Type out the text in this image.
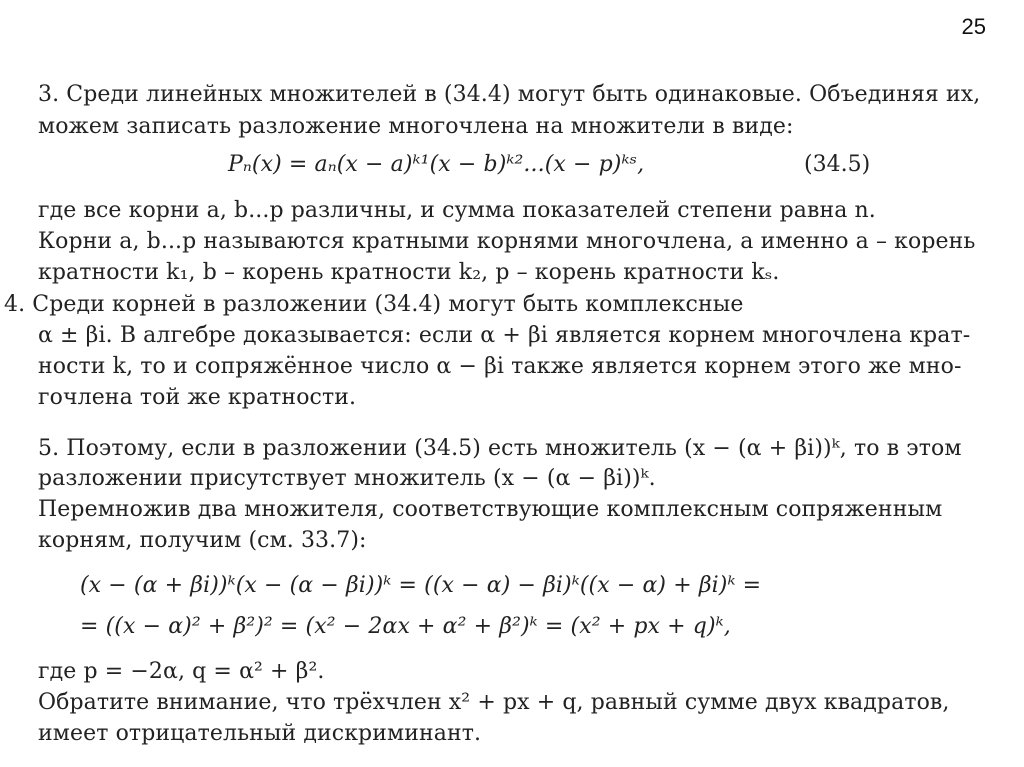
25
3. Среди линейных множителей в (34.4) могут быть одинаковые. Объединяя их,
можем записать разложение многочлена на множители в виде:
Pₙ(x) = aₙ(x − a)ᵏ¹(x − b)ᵏ²...(x − p)ᵏˢ,	(34.5)
где все корни a, b...p различны, и сумма показателей степени равна n.
Корни a, b...p называются кратными корнями многочлена, а именно a – корень
кратности k₁, b – корень кратности k₂, p – корень кратности kₛ.
4. Среди корней в разложении (34.4) могут быть комплексные
α ± βi. В алгебре доказывается: если α + βi является корнем многочлена крат-
ности k, то и сопряжённое число α − βi также является корнем этого же мно-
гочлена той же кратности.
5. Поэтому, если в разложении (34.5) есть множитель (x − (α + βi))ᵏ, то в этом
разложении присутствует множитель (x − (α − βi))ᵏ.
Перемножив два множителя, соответствующие комплексным сопряженным
корням, получим (см. 33.7):
(x − (α + βi))ᵏ(x − (α − βi))ᵏ = ((x − α) − βi)ᵏ((x − α) + βi)ᵏ =
= ((x − α)² + β²)² = (x² − 2αx + α² + β²)ᵏ = (x² + px + q)ᵏ,
где p = −2α, q = α² + β².
Обратите внимание, что трёхчлен x² + px + q, равный сумме двух квадратов,
имеет отрицательный дискриминант.
